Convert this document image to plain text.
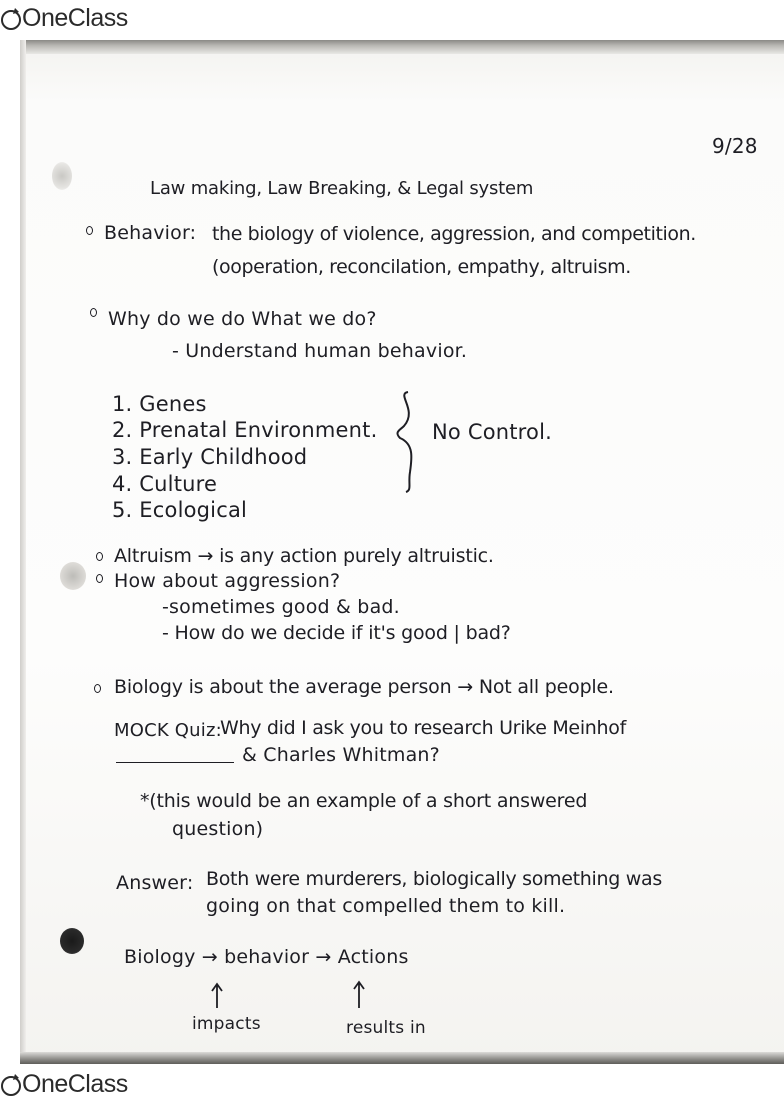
OneClass
9/28
Law making, Law Breaking, & Legal system
Behavior: the biology of violence, aggression, and competition.
(ooperation, reconcilation, empathy, altruism.
Why do we do What we do?
- Understand human behavior.
1. Genes
2. Prenatal Environment.
3. Early Childhood
4. Culture
5. Ecological
No Control.
Altruism → is any action purely altruistic.
How about aggression?
-sometimes good & bad.
- How do we decide if it's good | bad?
Biology is about the average person → Not all people.
MOCK Quiz:
Why did I ask you to research Urike Meinhof
& Charles Whitman?
*(this would be an example of a short answered
question)
Answer: Both were murderers, biologically something was
going on that compelled them to kill.
Biology → behavior → Actions
impacts	results in
OneClass
